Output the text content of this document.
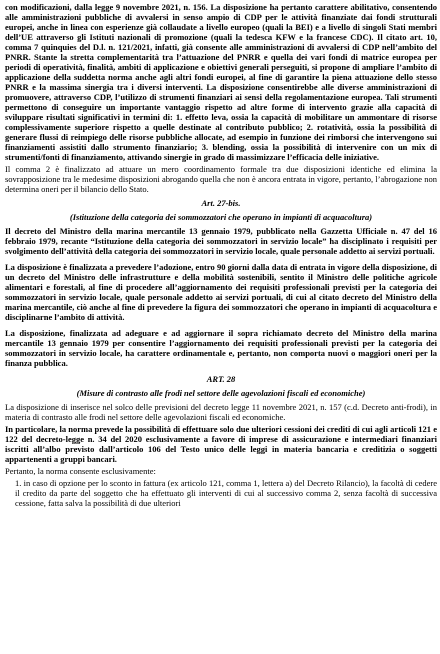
con modificazioni, dalla legge 9 novembre 2021, n. 156. La disposizione ha pertanto carattere abilitativo, consentendo alle amministrazioni pubbliche di avvalersi in senso ampio di CDP per le attività finanziate dai fondi strutturali europei, anche in linea con esperienze già collaudate a livello europeo (quali la BEI) e a livello di singoli Stati membri dell’UE attraverso gli Istituti nazionali di promozione (quali la tedesca KFW e la francese CDC). Il citato art. 10, comma 7 quinquies del D.l. n. 121/2021, infatti, già consente alle amministrazioni di avvalersi di CDP nell’ambito del PNRR. Stante la stretta complementarità tra l’attuazione del PNRR e quella dei vari fondi di matrice europea per periodi di operatività, finalità, ambiti di applicazione e obiettivi generali perseguiti, si propone di ampliare l’ambito di applicazione della suddetta norma anche agli altri fondi europei, al fine di garantire la piena attuazione dello stesso PNRR e la massima sinergia tra i diversi interventi. La disposizione consentirebbe alle diverse amministrazioni di promuovere, attraverso CDP, l’utilizzo di strumenti finanziari ai sensi della regolamentazione europea. Tali strumenti permettono di conseguire un importante vantaggio rispetto ad altre forme di intervento grazie alla capacità di sviluppare risultati significativi in termini di: 1. effetto leva, ossia la capacità di mobilitare un ammontare di risorse complessivamente superiore rispetto a quelle destinate al contributo pubblico; 2. rotatività, ossia la possibilità di generare flussi di reimpiego delle risorse pubbliche allocate, ad esempio in funzione dei rimborsi che intervengono sui finanziamenti assistiti dallo strumento finanziario; 3. blending, ossia la possibilità di intervenire con un mix di strumenti/fonti di finanziamento, attivando sinergie in grado di massimizzare l’efficacia delle iniziative.

Il comma 2 è finalizzato ad attuare un mero coordinamento formale tra due disposizioni identiche ed elimina la sovrapposizione tra le medesime disposizioni abrogando quella che non è ancora entrata in vigore, pertanto, l’abrogazione non determina oneri per il bilancio dello Stato.

Art. 27-bis.
(Istituzione della categoria dei sommozzatori che operano in impianti di acquacoltura)

Il decreto del Ministro della marina mercantile 13 gennaio 1979, pubblicato nella Gazzetta Ufficiale n. 47 del 16 febbraio 1979, recante “Istituzione della categoria dei sommozzatori in servizio locale” ha disciplinato i requisiti per svolgimento dell’attività della categoria dei sommozzatori in servizio locale, quale personale addetto ai servizi portuali.

La disposizione è finalizzata a prevedere l’adozione, entro 90 giorni dalla data di entrata in vigore della disposizione, di un decreto del Ministro delle infrastrutture e della mobilità sostenibili, sentito il Ministro delle politiche agricole alimentari e forestali, al fine di procedere all’aggiornamento dei requisiti professionali previsti per la categoria dei sommozzatori in servizio locale, quale personale addetto ai servizi portuali, di cui al citato decreto del Ministro della marina mercantile, ciò anche al fine di prevedere la figura dei sommozzatori che operano in impianti di acquacoltura e disciplinarne l’ambito di attività.

La disposizione, finalizzata ad adeguare e ad aggiornare il sopra richiamato decreto del Ministro della marina mercantile 13 gennaio 1979 per consentire l’aggiornamento dei requisiti professionali previsti per la categoria dei sommozzatori in servizio locale, ha carattere ordinamentale e, pertanto, non comporta nuovi o maggiori oneri per la finanza pubblica.

ART. 28
(Misure di contrasto alle frodi nel settore delle agevolazioni fiscali ed economiche)

La disposizione di inserisce nel solco delle previsioni del decreto legge 11 novembre 2021, n. 157 (c.d. Decreto anti-frodi), in materia di contrasto alle frodi nel settore delle agevolazioni fiscali ed economiche.

In particolare, la norma prevede la possibilità di effettuare solo due ulteriori cessioni dei crediti di cui agli articoli 121 e 122 del decreto-legge n. 34 del 2020 esclusivamente a favore di imprese di assicurazione e intermediari finanziari iscritti all’albo previsto dall’articolo 106 del Testo unico delle leggi in materia bancaria e creditizia o soggetti appartenenti a gruppi bancari.

Pertanto, la norma consente esclusivamente:

1. in caso di opzione per lo sconto in fattura (ex articolo 121, comma 1, lettera a) del Decreto Rilancio), la facoltà di cedere il credito da parte del soggetto che ha effettuato gli interventi di cui al successivo comma 2, senza facoltà di successiva cessione, fatta salva la possibilità di due ulteriori
